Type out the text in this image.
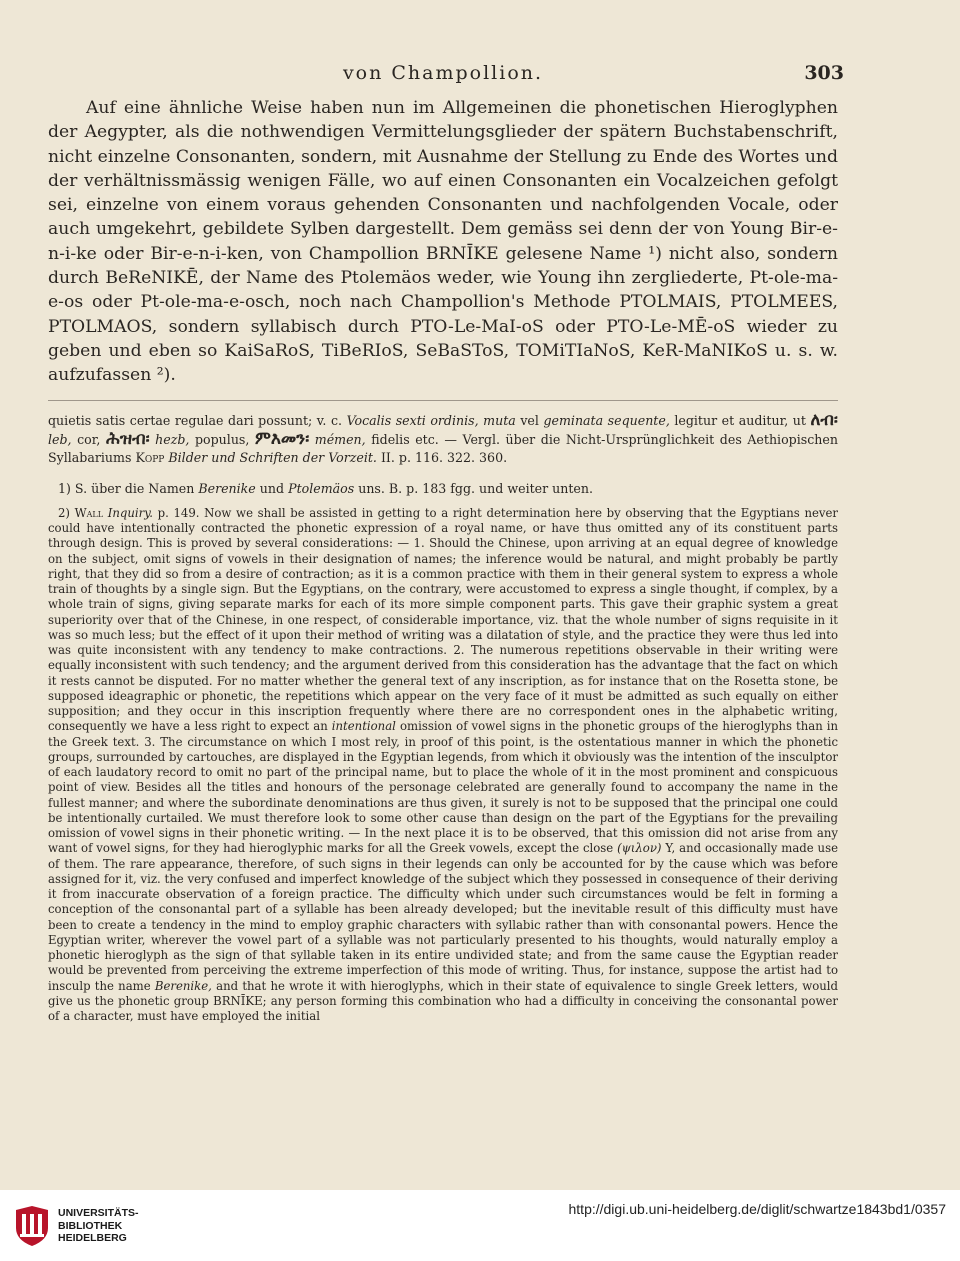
von Champollion.	303

Auf eine ähnliche Weise haben nun im Allgemeinen die phonetischen Hieroglyphen der Aegypter, als die nothwendigen Vermittelungsglieder der spätern Buchstabenschrift, nicht einzelne Consonanten, sondern, mit Ausnahme der Stellung zu Ende des Wortes und der verhältnissmässig wenigen Fälle, wo auf einen Consonanten ein Vocalzeichen gefolgt sei, einzelne von einem voraus gehenden Consonanten und nachfolgenden Vocale, oder auch umgekehrt, gebildete Sylben dargestellt. Dem gemäss sei denn der von Young Bir-e-n-i-ke oder Bir-e-n-i-ken, von Champollion BRNĪKE gelesene Name ¹) nicht also, sondern durch BeReNIKĒ, der Name des Ptolemäos weder, wie Young ihn zergliederte, Pt-ole-ma-e-os oder Pt-ole-ma-e-osch, noch nach Champollion's Methode PTOLMAIS, PTOLMEES, PTOLMAOS, sondern syllabisch durch PTO-Le-MaI-oS oder PTO-Le-MĒ-oS wieder zu geben und eben so KaiSaRoS, TiBeRIoS, SeBaSToS, TOMiTIaNoS, KeR-MaNIKoS u. s. w. aufzufassen ²).

quietis satis certae regulae dari possunt; v. c. Vocalis sexti ordinis, muta vel geminata sequente, legitur et auditur, ut ለብ፡ leb, cor, ሕዝብ፡ hezb, populus, ምእመን፡ mémen, fidelis etc. — Vergl. über die Nicht-Ursprünglichkeit des Aethiopischen Syllabariums Kopp Bilder und Schriften der Vorzeit. II. p. 116. 322. 360.

1) S. über die Namen Berenike und Ptolemäos uns. B. p. 183 fgg. und weiter unten.

2) Wall Inquiry. p. 149. Now we shall be assisted in getting to a right determination here by observing that the Egyptians never could have intentionally contracted the phonetic expression of a royal name, or have thus omitted any of its constituent parts through design. This is proved by several considerations: — 1. Should the Chinese, upon arriving at an equal degree of knowledge on the subject, omit signs of vowels in their designation of names; the inference would be natural, and might probably be partly right, that they did so from a desire of contraction; as it is a common practice with them in their general system to express a whole train of thoughts by a single sign. But the Egyptians, on the contrary, were accustomed to express a single thought, if complex, by a whole train of signs, giving separate marks for each of its more simple component parts. This gave their graphic system a great superiority over that of the Chinese, in one respect, of considerable importance, viz. that the whole number of signs requisite in it was so much less; but the effect of it upon their method of writing was a dilatation of style, and the practice they were thus led into was quite inconsistent with any tendency to make contractions. 2. The numerous repetitions observable in their writing were equally inconsistent with such tendency; and the argument derived from this consideration has the advantage that the fact on which it rests cannot be disputed. For no matter whether the general text of any inscription, as for instance that on the Rosetta stone, be supposed ideagraphic or phonetic, the repetitions which appear on the very face of it must be admitted as such equally on either supposition; and they occur in this inscription frequently where there are no correspondent ones in the alphabetic writing, consequently we have a less right to expect an intentional omission of vowel signs in the phonetic groups of the hieroglyphs than in the Greek text. 3. The circumstance on which I most rely, in proof of this point, is the ostentatious manner in which the phonetic groups, surrounded by cartouches, are displayed in the Egyptian legends, from which it obviously was the intention of the insculptor of each laudatory record to omit no part of the principal name, but to place the whole of it in the most prominent and conspicuous point of view. Besides all the titles and honours of the personage celebrated are generally found to accompany the name in the fullest manner; and where the subordinate denominations are thus given, it surely is not to be supposed that the principal one could be intentionally curtailed. We must therefore look to some other cause than design on the part of the Egyptians for the prevailing omission of vowel signs in their phonetic writing. — In the next place it is to be observed, that this omission did not arise from any want of vowel signs, for they had hieroglyphic marks for all the Greek vowels, except the close (ψιλον) Y, and occasionally made use of them. The rare appearance, therefore, of such signs in their legends can only be accounted for by the cause which was before assigned for it, viz. the very confused and imperfect knowledge of the subject which they possessed in consequence of their deriving it from inaccurate observation of a foreign practice. The difficulty which under such circumstances would be felt in forming a conception of the consonantal part of a syllable has been already developed; but the inevitable result of this difficulty must have been to create a tendency in the mind to employ graphic characters with syllabic rather than with consonantal powers. Hence the Egyptian writer, wherever the vowel part of a syllable was not particularly presented to his thoughts, would naturally employ a phonetic hieroglyph as the sign of that syllable taken in its entire undivided state; and from the same cause the Egyptian reader would be prevented from perceiving the extreme imperfection of this mode of writing. Thus, for instance, suppose the artist had to insculp the name Berenike, and that he wrote it with hieroglyphs, which in their state of equivalence to single Greek letters, would give us the phonetic group BRNĪKE; any person forming this combination who had a difficulty in conceiving the consonantal power of a character, must have employed the initial

UNIVERSITÄTS-
BIBLIOTHEK
HEIDELBERG
http://digi.ub.uni-heidelberg.de/diglit/schwartze1843bd1/0357
